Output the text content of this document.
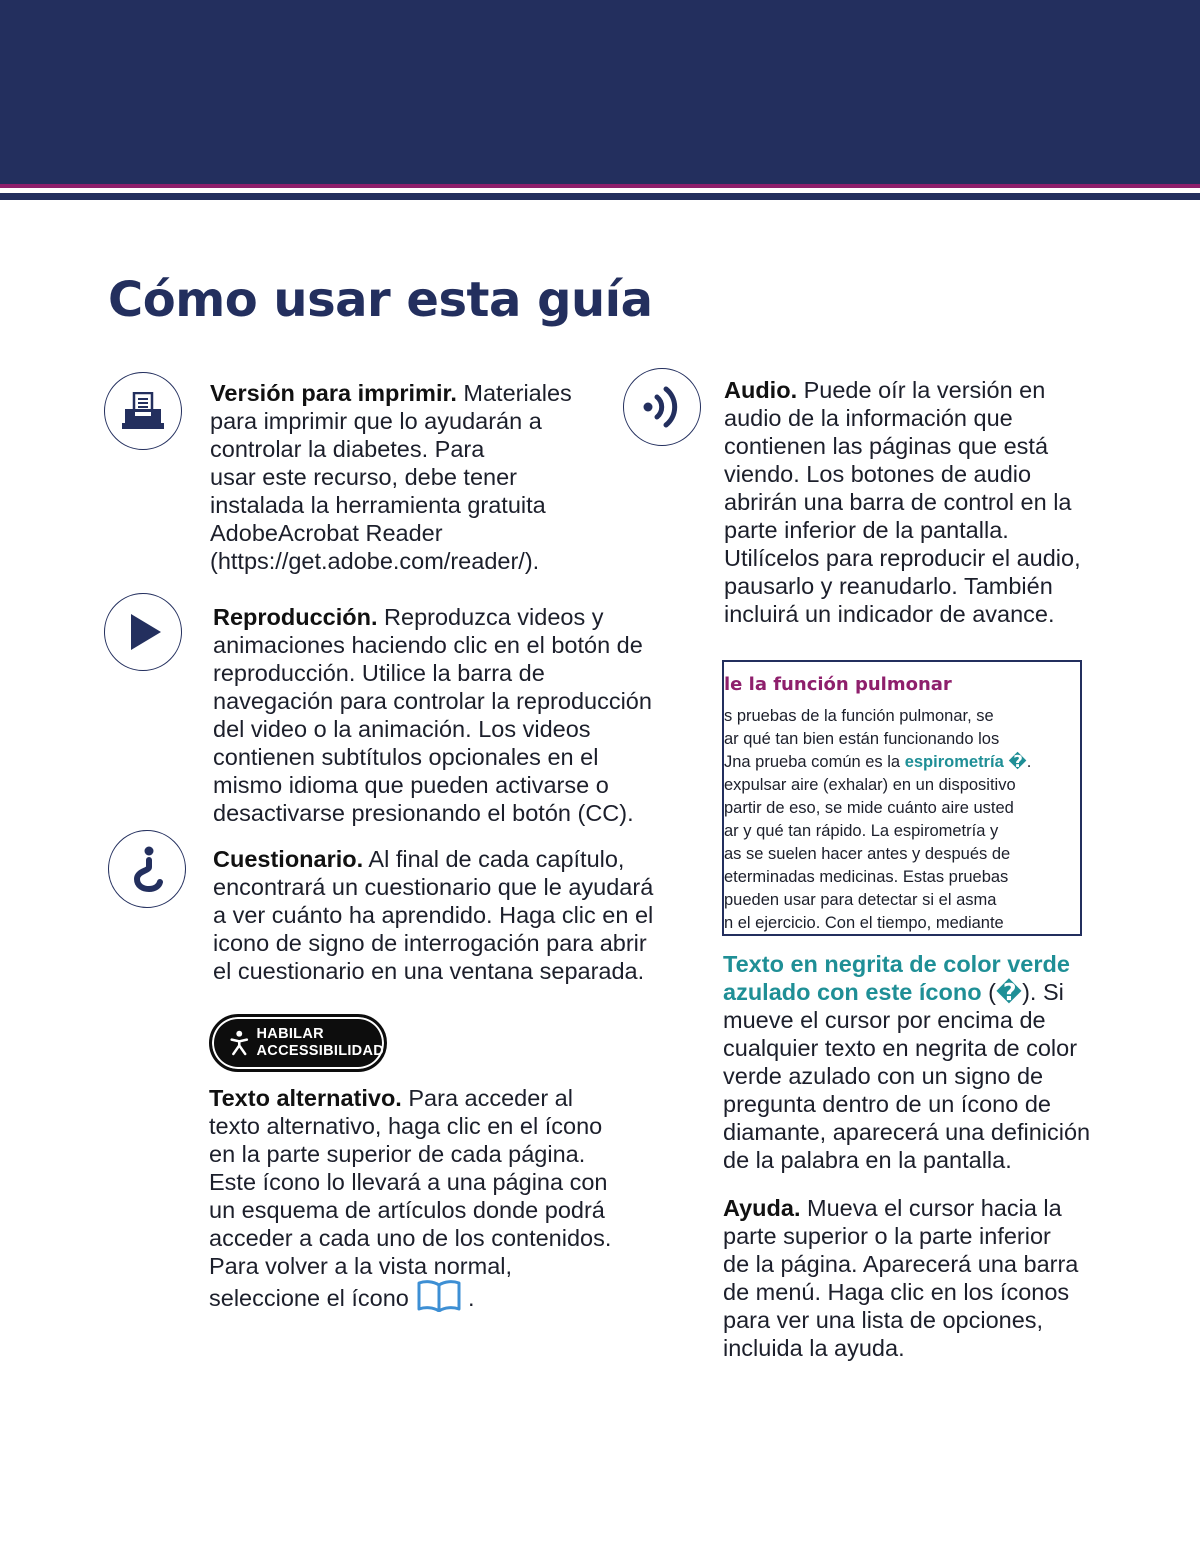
Cómo usar esta guía

Versión para imprimir. Materiales
para imprimir que lo ayudarán a
controlar la diabetes. Para
usar este recurso, debe tener
instalada la herramienta gratuita
AdobeAcrobat Reader
(https://get.adobe.com/reader/).

Reproducción. Reproduzca videos y
animaciones haciendo clic en el botón de
reproducción. Utilice la barra de
navegación para controlar la reproducción
del video o la animación. Los videos
contienen subtítulos opcionales en el
mismo idioma que pueden activarse o
desactivarse presionando el botón (CC).

Cuestionario. Al final de cada capítulo,
encontrará un cuestionario que le ayudará
a ver cuánto ha aprendido. Haga clic en el
icono de signo de interrogación para abrir
el cuestionario en una ventana separada.

HABILAR
ACCESSIBILIDAD

Texto alternativo. Para acceder al
texto alternativo, haga clic en el ícono
en la parte superior de cada página.
Este ícono lo llevará a una página con
un esquema de artículos donde podrá
acceder a cada uno de los contenidos.
Para volver a la vista normal,
seleccione el ícono	.

Audio. Puede oír la versión en
audio de la información que
contienen las páginas que está
viendo. Los botones de audio
abrirán una barra de control en la
parte inferior de la pantalla.
Utilícelos para reproducir el audio,
pausarlo y reanudarlo. También
incluirá un indicador de avance.

le la función pulmonar
s pruebas de la función pulmonar, se
ar qué tan bien están funcionando los
Jna prueba común es la espirometría �.
expulsar aire (exhalar) en un dispositivo
partir de eso, se mide cuánto aire usted
ar y qué tan rápido. La espirometría y
as se suelen hacer antes y después de
eterminadas medicinas. Estas pruebas
pueden usar para detectar si el asma
n el ejercicio. Con el tiempo, mediante

Texto en negrita de color verde
azulado con este ícono (�). Si
mueve el cursor por encima de
cualquier texto en negrita de color
verde azulado con un signo de
pregunta dentro de un ícono de
diamante, aparecerá una definición
de la palabra en la pantalla.

Ayuda. Mueva el cursor hacia la
parte superior o la parte inferior
de la página. Aparecerá una barra
de menú. Haga clic en los íconos
para ver una lista de opciones,
incluida la ayuda.
